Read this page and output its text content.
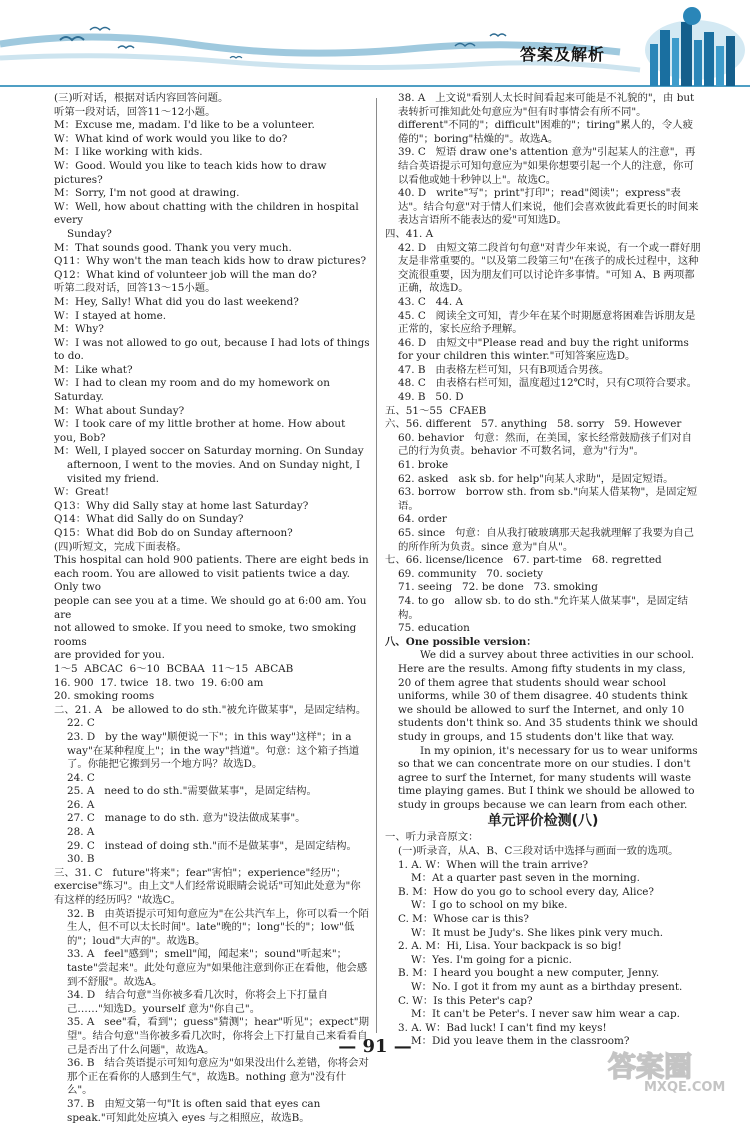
答案及解析

(三)听对话，根据对话内容回答问题。

听第一段对话，回答11～12小题。

M：Excuse me, madam. I'd like to be a volunteer.

W：What kind of work would you like to do?

M：I like working with kids.

W：Good. Would you like to teach kids how to draw pictures?

M：Sorry, I'm not good at drawing.

W：Well, how about chatting with the children in hospital every

Sunday?

M：That sounds good. Thank you very much.

Q11：Why won't the man teach kids how to draw pictures?

Q12：What kind of volunteer job will the man do?

听第二段对话，回答13～15小题。

M：Hey, Sally! What did you do last weekend?

W：I stayed at home.

M：Why?

W：I was not allowed to go out, because I had lots of things to do.

M：Like what?

W：I had to clean my room and do my homework on Saturday.

M：What about Sunday?

W：I took care of my little brother at home. How about you, Bob?

M：Well, I played soccer on Saturday morning. On Sunday

afternoon, I went to the movies. And on Sunday night, I

visited my friend.

W：Great!

Q13：Why did Sally stay at home last Saturday?

Q14：What did Sally do on Sunday?

Q15：What did Bob do on Sunday afternoon?

(四)听短文，完成下面表格。

This hospital can hold 900 patients. There are eight beds in

each room. You are allowed to visit patients twice a day. Only two

people can see you at a time. We should go at 6:00 am. You are

not allowed to smoke. If you need to smoke, two smoking rooms

are provided for you.

1～5  ABCAC  6～10  BCBAA  11～15  ABCAB

16. 900  17. twice  18. two  19. 6:00 am

20. smoking rooms

二、21. A   be allowed to do sth."被允许做某事"，是固定结构。

22. C

23. D   by the way"顺便说一下"；in this way"这样"；in a way"在某种程度上"；in the way"挡道"。句意：这个箱子挡道了。你能把它搬到另一个地方吗？故选D。

24. C

25. A   need to do sth."需要做某事"，是固定结构。

26. A

27. C   manage to do sth. 意为"设法做成某事"。

28. A

29. C   instead of doing sth."而不是做某事"，是固定结构。

30. B

三、31. C   future"将来"；fear"害怕"；experience"经历"；exercise"练习"。由上文"人们经常说眼睛会说话"可知此处意为"你有这样的经历吗？"故选C。

32. B   由英语提示可知句意应为"在公共汽车上，你可以看一个陌生人，但不可以太长时间"。late"晚的"；long"长的"；low"低的"；loud"大声的"。故选B。

33. A   feel"感到"；smell"闻，闻起来"；sound"听起来"；taste"尝起来"。此处句意应为"如果他注意到你正在看他，他会感到不舒服"。故选A。

34. D   结合句意"当你被多看几次时，你将会上下打量自己……"知选D。yourself 意为"你自己"。

35. A   see"看，看到"；guess"猜测"；hear"听见"；expect"期望"。结合句意"当你被多看几次时，你将会上下打量自己来看看自己是否出了什么问题"，故选A。

36. B   结合英语提示可知句意应为"如果没出什么差错，你将会对那个正在看你的人感到生气"，故选B。nothing 意为"没有什么"。

37. B   由短文第一句"It is often said that eyes can speak."可知此处应填入 eyes 与之相照应，故选B。

38. A   上文说"看别人太长时间看起来可能是不礼貌的"，由 but 表转折可推知此处句意应为"但有时事情会有所不同"。different"不同的"；difficult"困难的"；tiring"累人的，令人疲倦的"；boring"枯燥的"。故选A。

39. C   短语 draw one's attention 意为"引起某人的注意"，再结合英语提示可知句意应为"如果你想要引起一个人的注意，你可以看他或她十秒钟以上"。故选C。

40. D   write"写"；print"打印"；read"阅读"；express"表达"。结合句意"对于情人们来说，他们会喜欢彼此看更长的时间来表达言语所不能表达的爱"可知选D。

四、41. A

42. D   由短文第二段首句句意"对青少年来说，有一个或一群好朋友是非常重要的。"以及第二段第三句"在孩子的成长过程中，这种交流很重要，因为朋友们可以讨论许多事情。"可知 A、B 两项都正确，故选D。

43. C   44. A

45. C   阅读全文可知，青少年在某个时期愿意将困难告诉朋友是正常的，家长应给予理解。

46. D   由短文中"Please read and buy the right uniforms for your children this winter."可知答案应选D。

47. B   由表格左栏可知，只有B项适合男孩。

48. C   由表格右栏可知，温度超过12℃时，只有C项符合要求。

49. B   50. D

五、51～55  CFAEB

六、56. different   57. anything   58. sorry   59. However

60. behavior   句意：然而，在美国，家长经常鼓励孩子们对自己的行为负责。behavior 不可数名词，意为"行为"。

61. broke

62. asked   ask sb. for help"向某人求助"，是固定短语。

63. borrow   borrow sth. from sb."向某人借某物"，是固定短语。

64. order

65. since   句意：自从我打破玻璃那天起我就理解了我要为自己的所作所为负责。since 意为"自从"。

七、66. license/licence   67. part-time   68. regretted

69. community   70. society

71. seeing   72. be done   73. smoking

74. to go   allow sb. to do sth."允许某人做某事"，是固定结构。

75. education

八、One possible version：

We did a survey about three activities in our school. Here are the results. Among fifty students in my class, 20 of them agree that students should wear school uniforms, while 30 of them disagree. 40 students think we should be allowed to surf the Internet, and only 10 students don't think so. And 35 students think we should study in groups, and 15 students don't like that way.

In my opinion, it's necessary for us to wear uniforms so that we can concentrate more on our studies. I don't agree to surf the Internet, for many students will waste time playing games. But I think we should be allowed to study in groups because we can learn from each other.

单元评价检测(八)

一、听力录音原文：

(一)听录音，从A、B、C三段对话中选择与画面一致的选项。

1. A. W：When will the train arrive?

M：At a quarter past seven in the morning.

B. M：How do you go to school every day, Alice?

W：I go to school on my bike.

C. M：Whose car is this?

W：It must be Judy's. She likes pink very much.

2. A. M：Hi, Lisa. Your backpack is so big!

W：Yes. I'm going for a picnic.

B. M：I heard you bought a new computer, Jenny.

W：No. I got it from my aunt as a birthday present.

C. W：Is this Peter's cap?

M：It can't be Peter's. I never saw him wear a cap.

3. A. W：Bad luck! I can't find my keys!

M：Did you leave them in the classroom?

— 91 —
答案圈
MXQE.COM
